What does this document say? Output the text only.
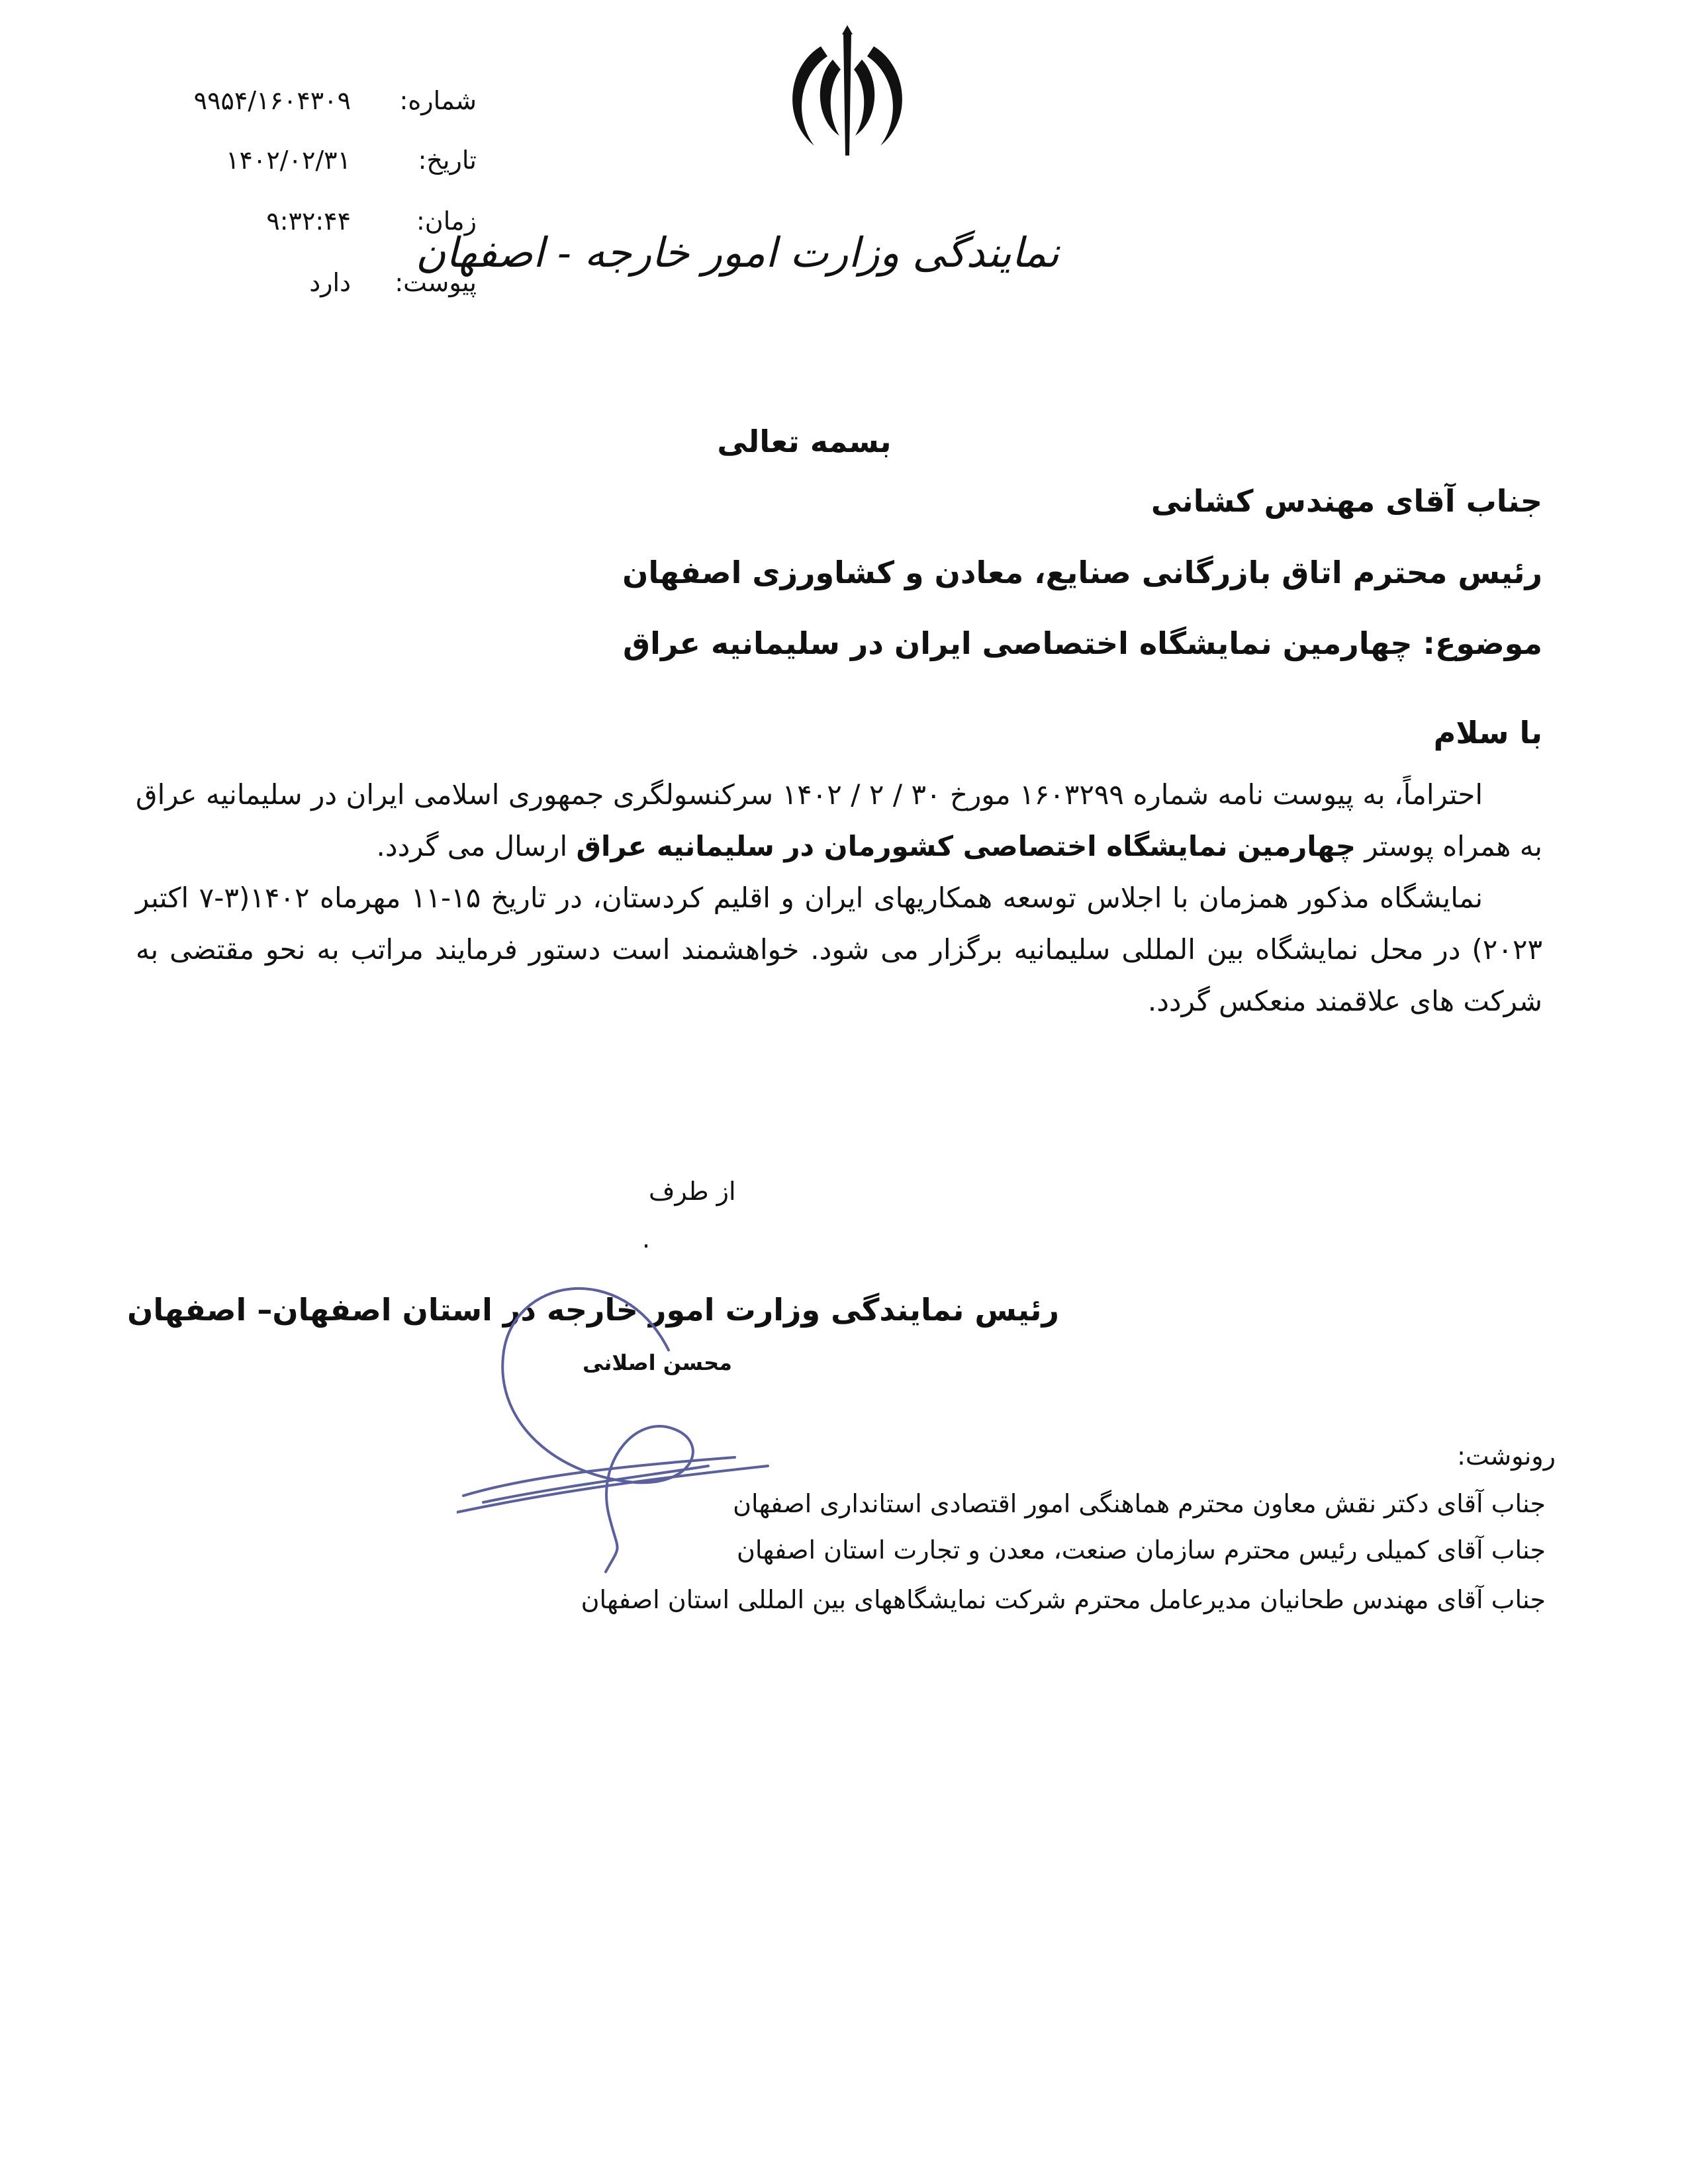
شماره:
۹۹۵۴/۱۶۰۴۳۰۹
تاریخ:
۱۴۰۲/۰۲/۳۱
زمان:
۹:۳۲:۴۴
پیوست:
دارد
نمایندگی وزارت امور خارجه - اصفهان
بسمه تعالی
جناب آقای مهندس کشانی
رئیس محترم اتاق بازرگانی صنایع، معادن و کشاورزی اصفهان
موضوع: چهارمین نمایشگاه اختصاصی ایران در سلیمانیه عراق
با سلام

احتراماً، به پیوست نامه شماره ۱۶۰۳۲۹۹ مورخ ۳۰ / ۲ / ۱۴۰۲ سرکنسولگری جمهوری اسلامی ایران در سلیمانیه عراق به همراه پوستر چهارمین نمایشگاه اختصاصی کشورمان در سلیمانیه عراق ارسال می گردد.

نمایشگاه مذکور همزمان با اجلاس توسعه همکاریهای ایران و اقلیم کردستان، در تاریخ ۱۵-۱۱ مهرماه ۱۴۰۲(۳-۷ اکتبر ۲۰۲۳) در محل نمایشگاه بین المللی سلیمانیه برگزار می شود. خواهشمند است دستور فرمایند مراتب به نحو مقتضی به شرکت های علاقمند منعکس گردد.

از طرف
.
رئیس نمایندگی وزارت امور خارجه در استان اصفهان– اصفهان
محسن اصلانی
رونوشت:
جناب آقای دکتر نقش معاون محترم هماهنگی امور اقتصادی استانداری اصفهان
جناب آقای کمیلی رئیس محترم سازمان صنعت، معدن و تجارت استان اصفهان
جناب آقای مهندس طحانیان مدیرعامل محترم شرکت نمایشگاههای بین المللی استان اصفهان
